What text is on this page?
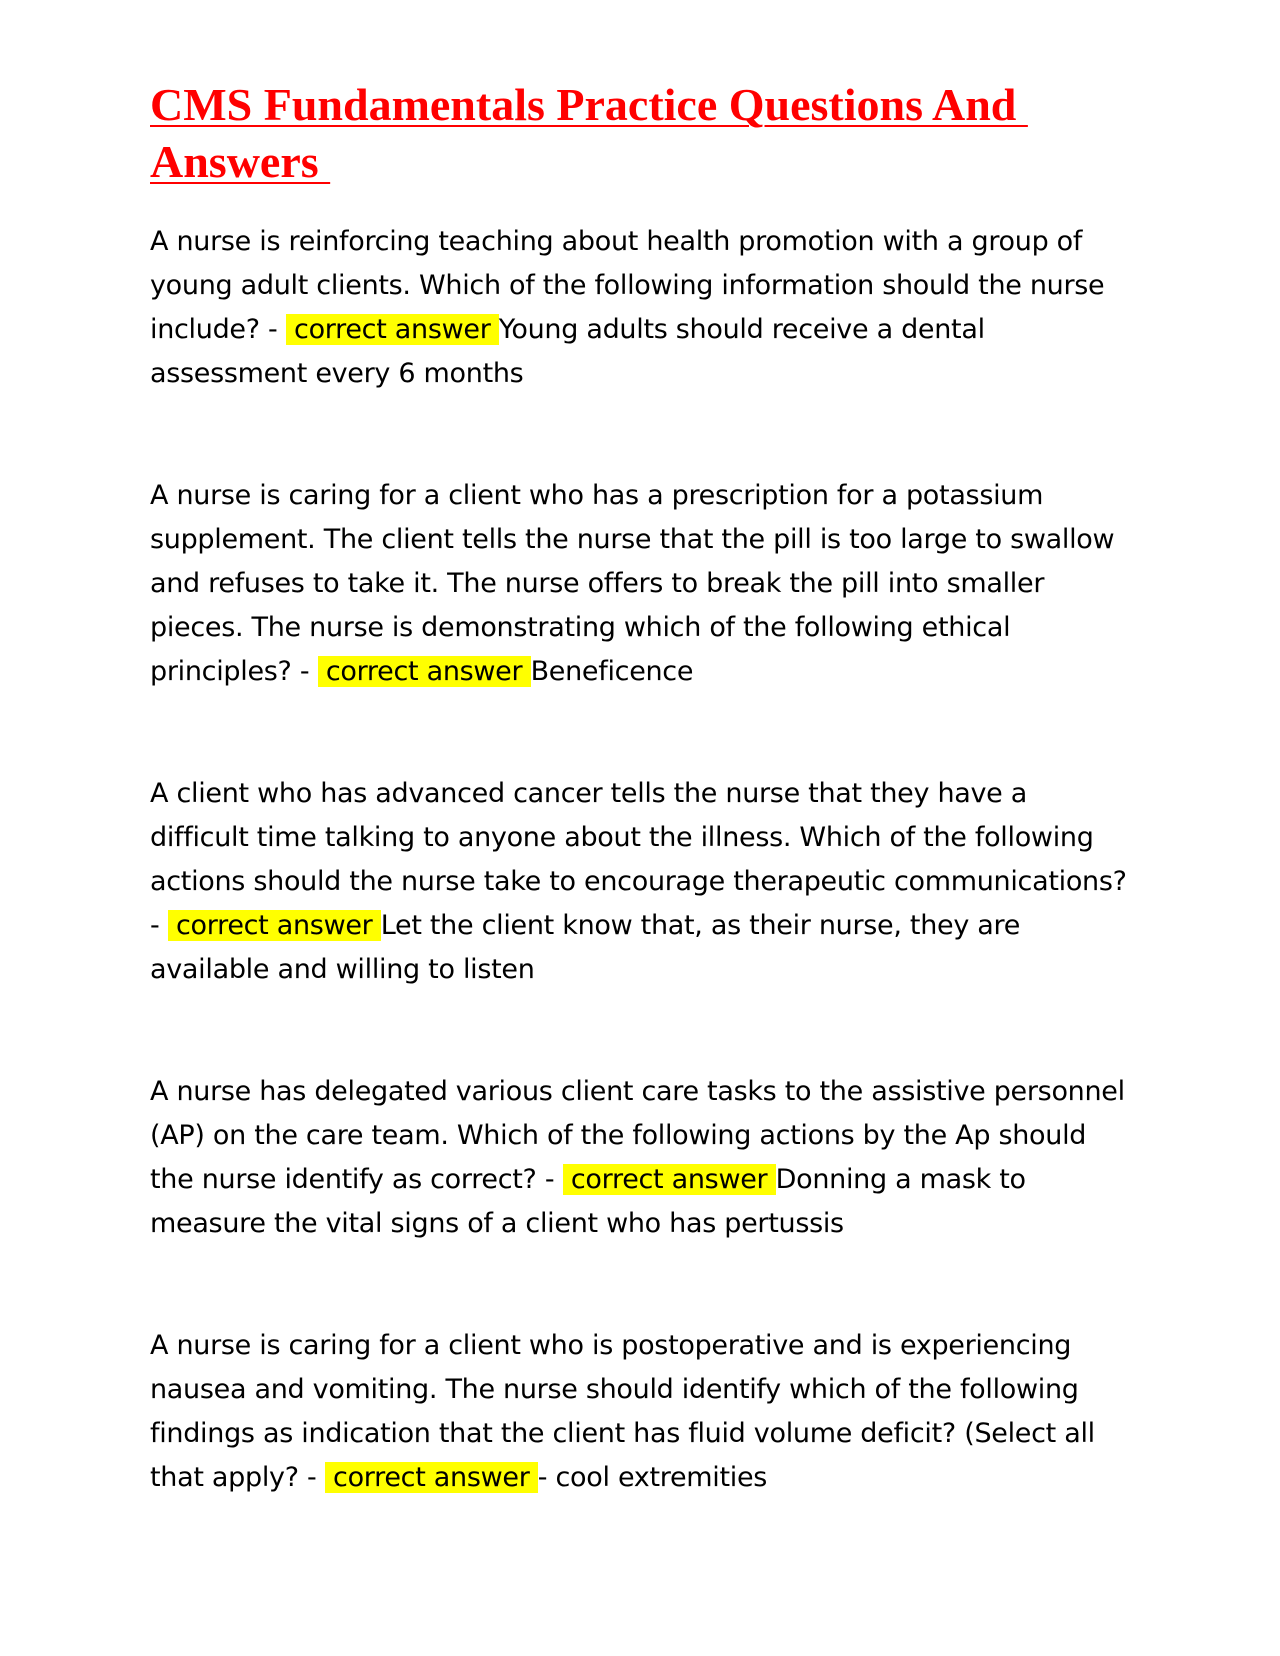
CMS Fundamentals Practice Questions And
Answers

A nurse is reinforcing teaching about health promotion with a group of young adult clients. Which of the following information should the nurse include? -  correct answer Young adults should receive a dental assessment every 6 months

A nurse is caring for a client who has a prescription for a potassium supplement. The client tells the nurse that the pill is too large to swallow and refuses to take it. The nurse offers to break the pill into smaller pieces. The nurse is demonstrating which of the following ethical principles? -  correct answer Beneficence

A client who has advanced cancer tells the nurse that they have a difficult time talking to anyone about the illness. Which of the following actions should the nurse take to encourage therapeutic communications? -  correct answer Let the client know that, as their nurse, they are available and willing to listen

A nurse has delegated various client care tasks to the assistive personnel (AP) on the care team. Which of the following actions by the Ap should the nurse identify as correct? -  correct answer Donning a mask to measure the vital signs of a client who has pertussis

A nurse is caring for a client who is postoperative and is experiencing nausea and vomiting. The nurse should identify which of the following findings as indication that the client has fluid volume deficit? (Select all that apply? -  correct answer - cool extremities
